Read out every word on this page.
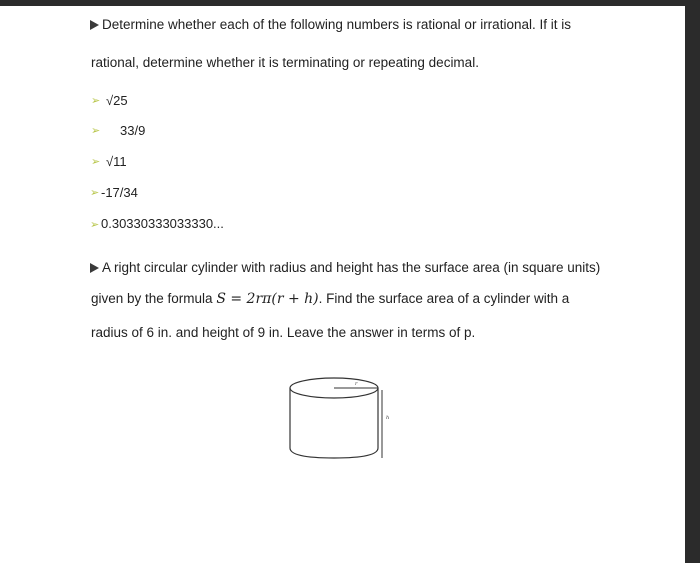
Determine whether each of the following numbers is rational or irrational. If it is
rational, determine whether it is terminating or repeating decimal.
➢ √25
➢ 33/9
➢ √11
➢ -17/34
➢ 0.30330333033330...
A right circular cylinder with radius and height has the surface area (in square units)
given by the formula S = 2rπ(r + h). Find the surface area of a cylinder with a
radius of 6 in. and height of 9 in. Leave the answer in terms of p.
r
h
